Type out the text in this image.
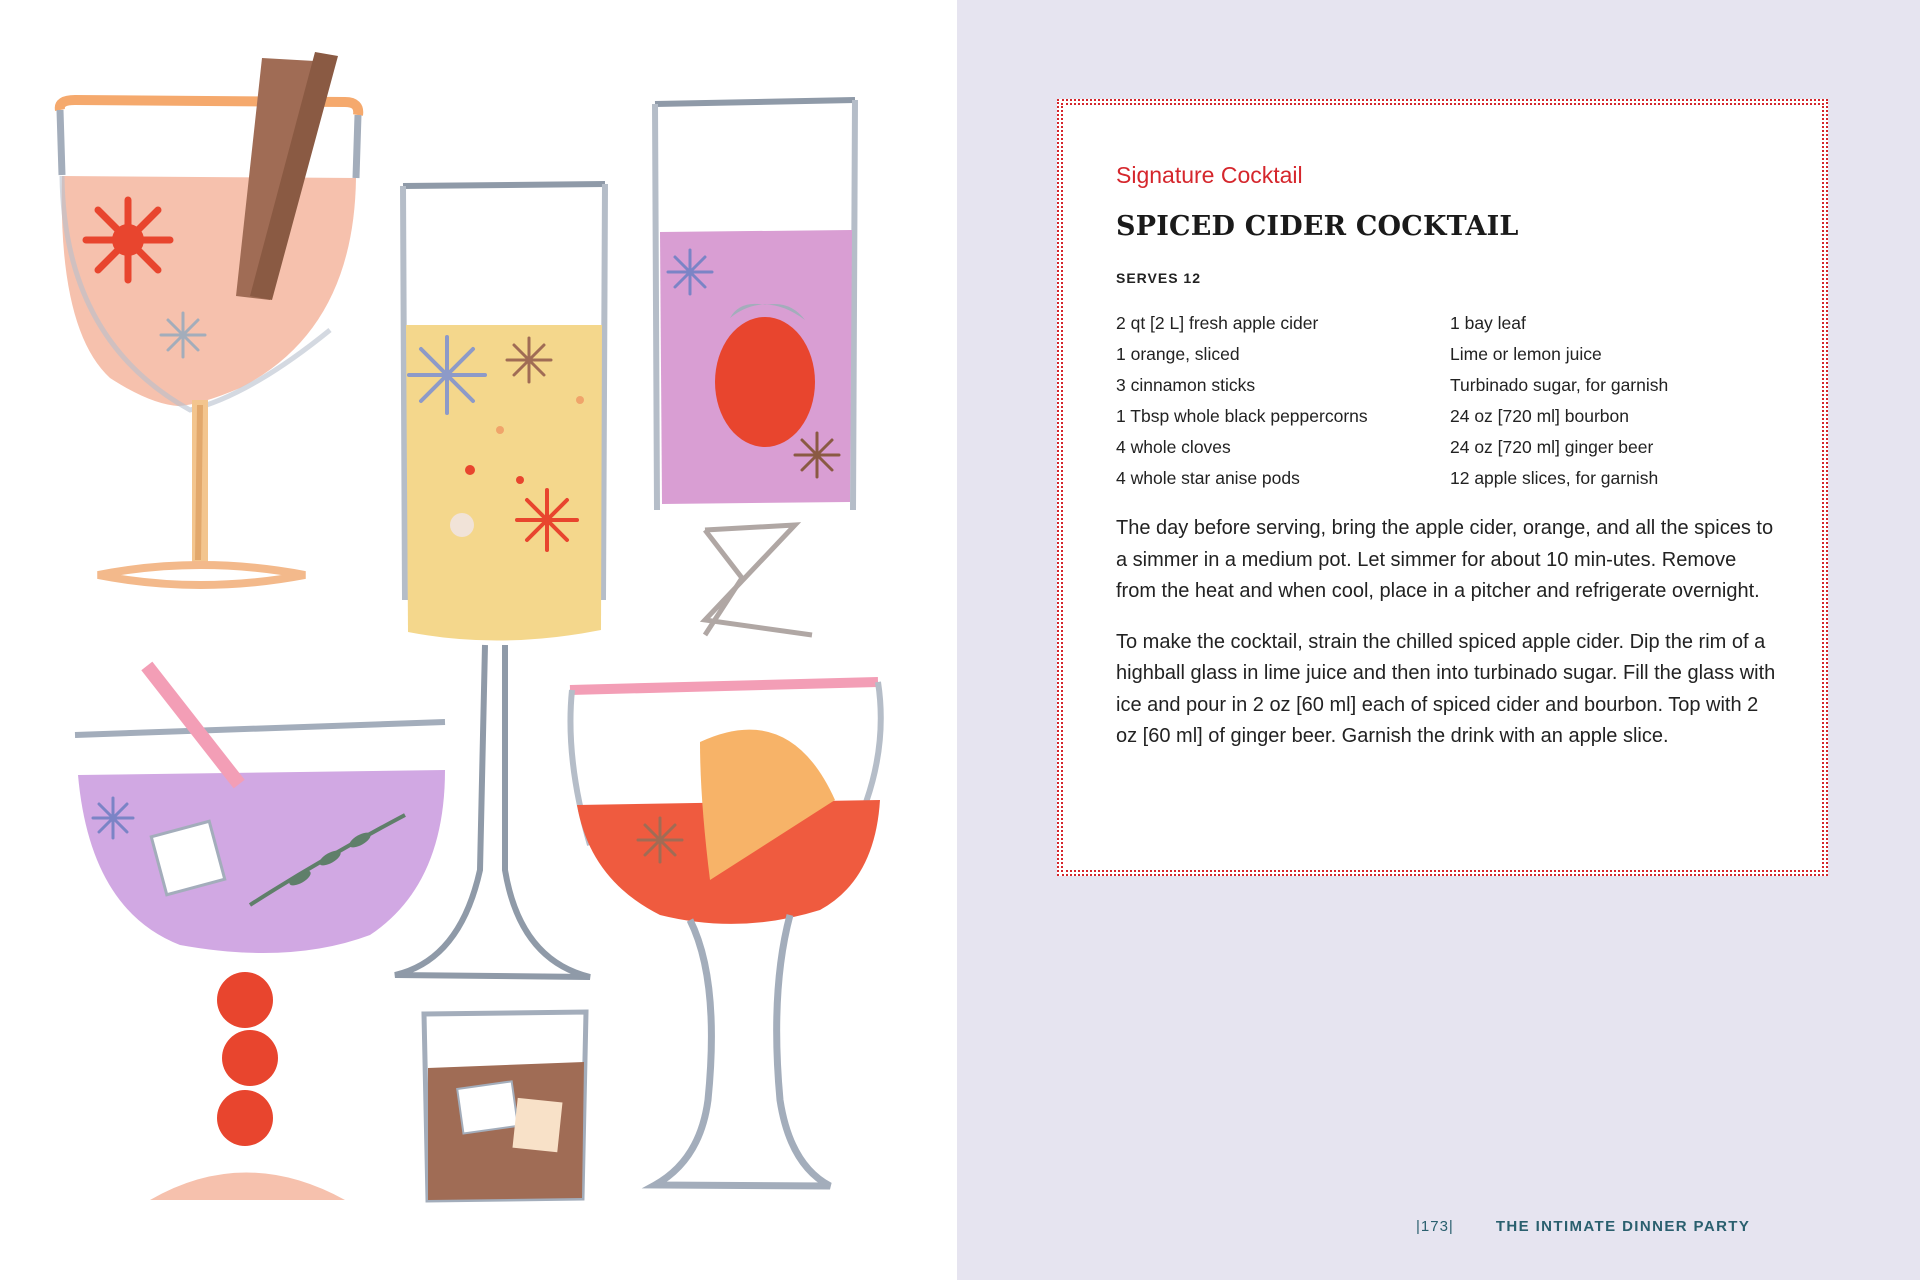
Signature Cocktail

SPICED CIDER COCKTAIL

SERVES 12

2 qt [2 L] fresh apple cider
1 orange, sliced
3 cinnamon sticks
1 Tbsp whole black peppercorns
4 whole cloves
4 whole star anise pods
1 bay leaf
Lime or lemon juice
Turbinado sugar, for garnish
24 oz [720 ml] bourbon
24 oz [720 ml] ginger beer
12 apple slices, for garnish

The day before serving, bring the apple cider, orange, and all the spices to a simmer in a medium pot. Let simmer for about 10 min-utes. Remove from the heat and when cool, place in a pitcher and refrigerate overnight.

To make the cocktail, strain the chilled spiced apple cider. Dip the rim of a highball glass in lime juice and then into turbinado sugar. Fill the glass with ice and pour in 2 oz [60 ml] each of spiced cider and bourbon. Top with 2 oz [60 ml] of ginger beer. Garnish the drink with an apple slice.

|173|	THE INTIMATE DINNER PARTY
